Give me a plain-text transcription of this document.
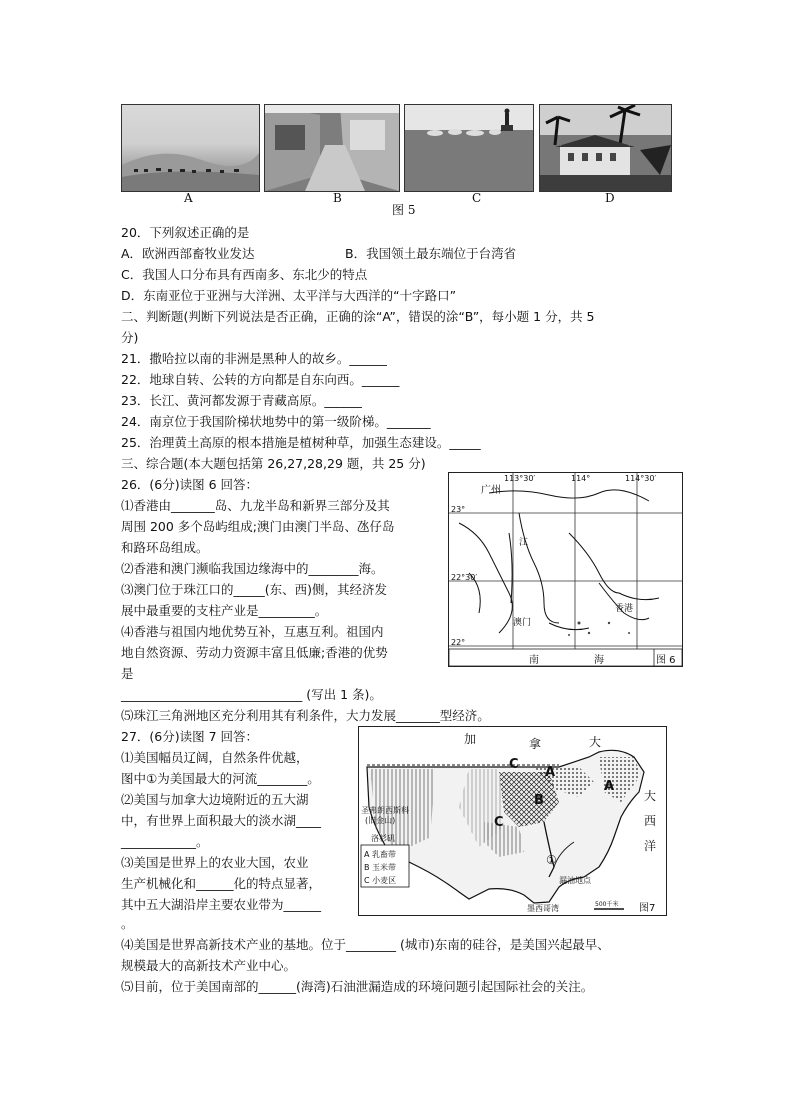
A	B	C	D
图 5
20．下列叙述正确的是
A．欧洲西部畜牧业发达	B．我国领土最东端位于台湾省
C．我国人口分布具有西南多、东北少的特点
D．东南亚位于亚洲与大洋洲、太平洋与大西洋的“十字路口”
二、判断题(判断下列说法是否正确，正确的涂“A”，错误的涂“B”，每小题 1 分，共 5
分)
21．撒哈拉以南的非洲是黑种人的故乡。______
22．地球自转、公转的方向都是自东向西。______
23．长江、黄河都发源于青藏高原。______
24．南京位于我国阶梯状地势中的第一级阶梯。_______
25．治理黄土高原的根本措施是植树种草，加强生态建设。_____
三、综合题(本大题包括第 26,27,28,29 题，共 25 分)
26．(6分)读图 6 回答：
⑴香港由_______岛、九龙半岛和新界三部分及其
周围 200 多个岛屿组成;澳门由澳门半岛、氹仔岛
和路环岛组成。
⑵香港和澳门濒临我国边缘海中的________海。
⑶澳门位于珠江口的_____(东、西)侧，其经济发
展中最重要的支柱产业是_________。
⑷香港与祖国内地优势互补，互惠互利。祖国内
地自然资源、劳动力资源丰富且低廉;香港的优势
是
_____________________________ (写出 1 条)。
⑸珠江三角洲地区充分利用其有利条件，大力发展_______型经济。
113°30′	114°	114°30′
23°
22°30′
22°
广州
江
香港
澳门
南	海	图 6
27．(6分)读图 7 回答：
⑴美国幅员辽阔，自然条件优越，
图中①为美国最大的河流________。
⑵美国与加拿大边境附近的五大湖
中，有世界上面积最大的淡水湖____
____________。
⑶美国是世界上的农业大国，农业
生产机械化和______化的特点显著，
其中五大湖沿岸主要农业带为______
。
⑷美国是世界高新技术产业的基地。位于________ (城市)东南的硅谷，是美国兴起最早、
规模最大的高新技术产业中心。
⑸目前，位于美国南部的______(海湾)石油泄漏造成的环境问题引起国际社会的关注。
加	拿	大
大
西
洋
C
A
B
A
C
圣弗朗西斯科
(旧金山)
洛杉矶
①
漏油地点
墨西哥湾
A 乳畜带
B 玉米带
C 小麦区
500千米 图7
